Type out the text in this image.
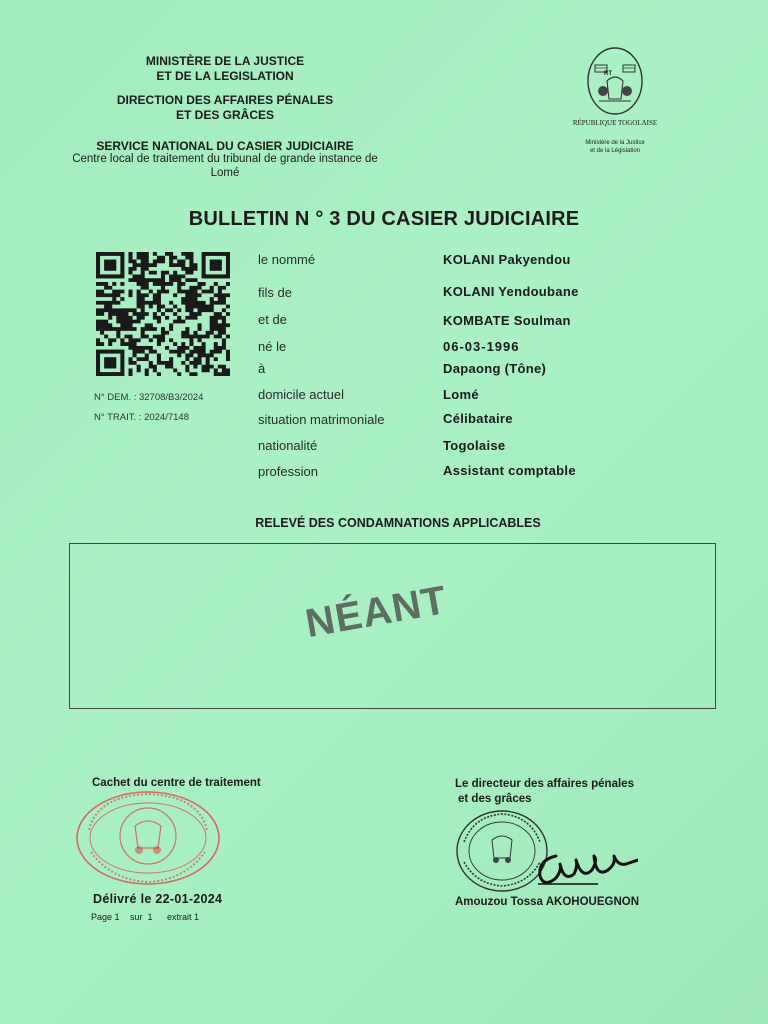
MINISTÈRE DE LA JUSTICE
ET DE LA LEGISLATION
DIRECTION DES AFFAIRES PÉNALES
ET DES GRÂCES
SERVICE NATIONAL DU CASIER JUDICIAIRE
Centre local de traitement du tribunal de grande instance de
Lomé
RT
RÉPUBLIQUE TOGOLAISE
Ministère de la Justice
et de la Législation
BULLETIN N ° 3 DU CASIER JUDICIAIRE
N° DEM. : 32708/B3/2024
N° TRAIT. : 2024/7148
le nommé	KOLANI Pakyendou
fils de	KOLANI Yendoubane
et de	KOMBATE Soulman
né le	06-03-1996
à	Dapaong (Tône)
domicile actuel	Lomé
situation matrimoniale	Célibataire
nationalité	Togolaise
profession	Assistant comptable
RELEVÉ DES CONDAMNATIONS APPLICABLES
NÉANT
Cachet du centre de traitement
Délivré le 22-01-2024
Page 1 sur  1 extrait 1
Le directeur des affaires pénales
et des grâces
Amouzou Tossa AKOHOUEGNON
